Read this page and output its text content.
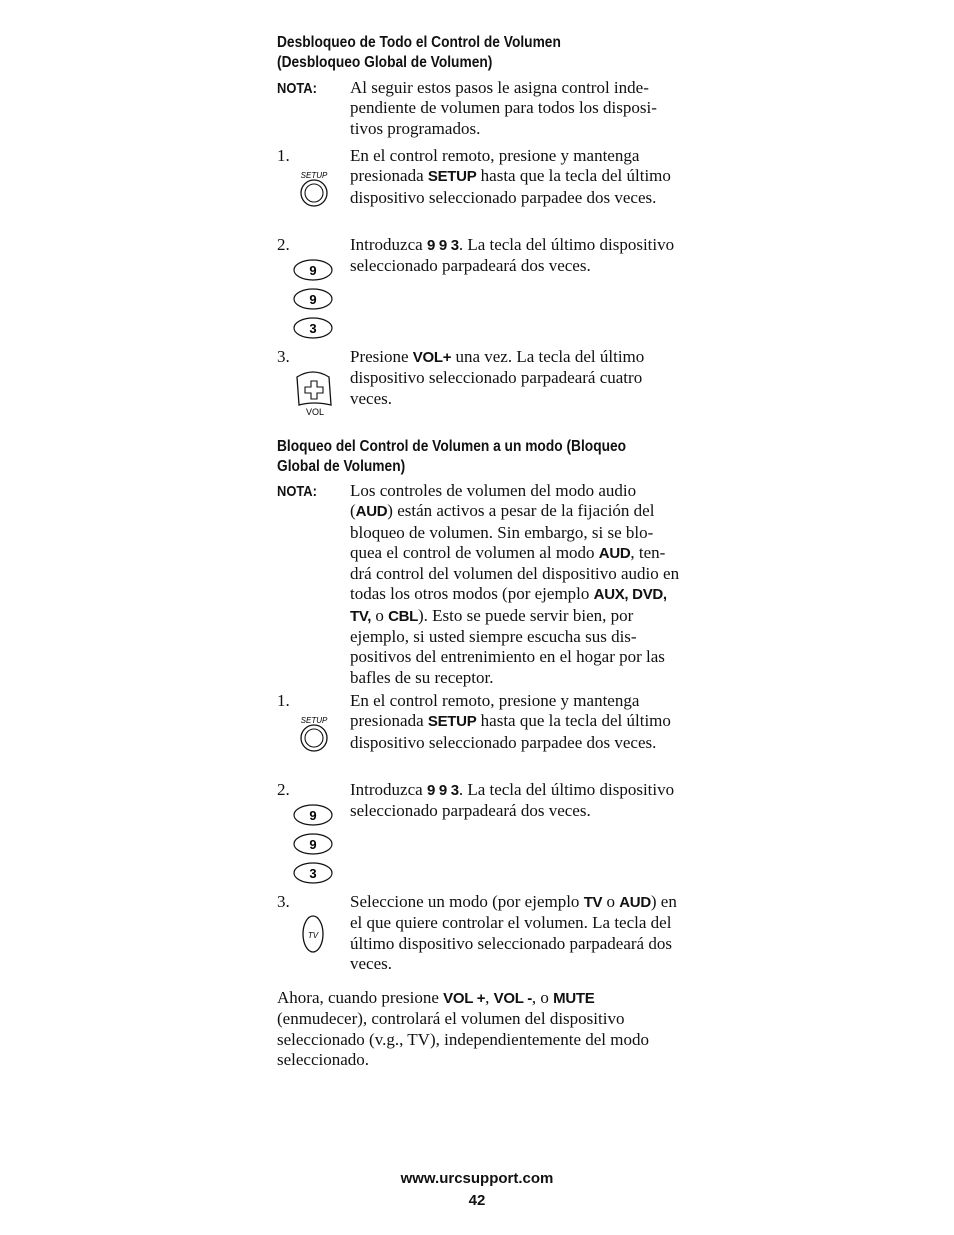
Desbloqueo de Todo el Control de Volumen
(Desbloqueo Global de Volumen)
NOTA: Al seguir estos pasos le asigna control inde-pendiente de volumen para todos los disposi-tivos programados.
1.
SETUP
En el control remoto, presione y mantenga presionada SETUP hasta que la tecla del último dispositivo seleccionado parpadee dos veces.
2.
9
9
3
Introduzca 9 9 3. La tecla del último dispositivo seleccionado parpadeará dos veces.
3.
VOL
Presione VOL+ una vez. La tecla del último dispositivo seleccionado parpadeará cuatro veces.
Bloqueo del Control de Volumen a un modo (Bloqueo
Global de Volumen)
NOTA: Los controles de volumen del modo audio (AUD) están activos a pesar de la fijación del bloqueo de volumen. Sin embargo, si se blo-quea el control de volumen al modo AUD, ten-drá control del volumen del dispositivo audio en todas los otros modos (por ejemplo AUX, DVD, TV, o CBL). Esto se puede servir bien, por ejemplo, si usted siempre escucha sus dis-positivos del entrenimiento en el hogar por las bafles de su receptor.
1.
SETUP
En el control remoto, presione y mantenga presionada SETUP hasta que la tecla del último dispositivo seleccionado parpadee dos veces.
2.
9
9
3
Introduzca 9 9 3. La tecla del último dispositivo seleccionado parpadeará dos veces.
3.
TV
Seleccione un modo (por ejemplo TV o AUD) en el que quiere controlar el volumen. La tecla del último dispositivo seleccionado parpadeará dos veces.
Ahora, cuando presione VOL +, VOL -, o MUTE (enmudecer), controlará el volumen del dispositivo seleccionado (v.g., TV), independientemente del modo seleccionado.
www.urcsupport.com
42
